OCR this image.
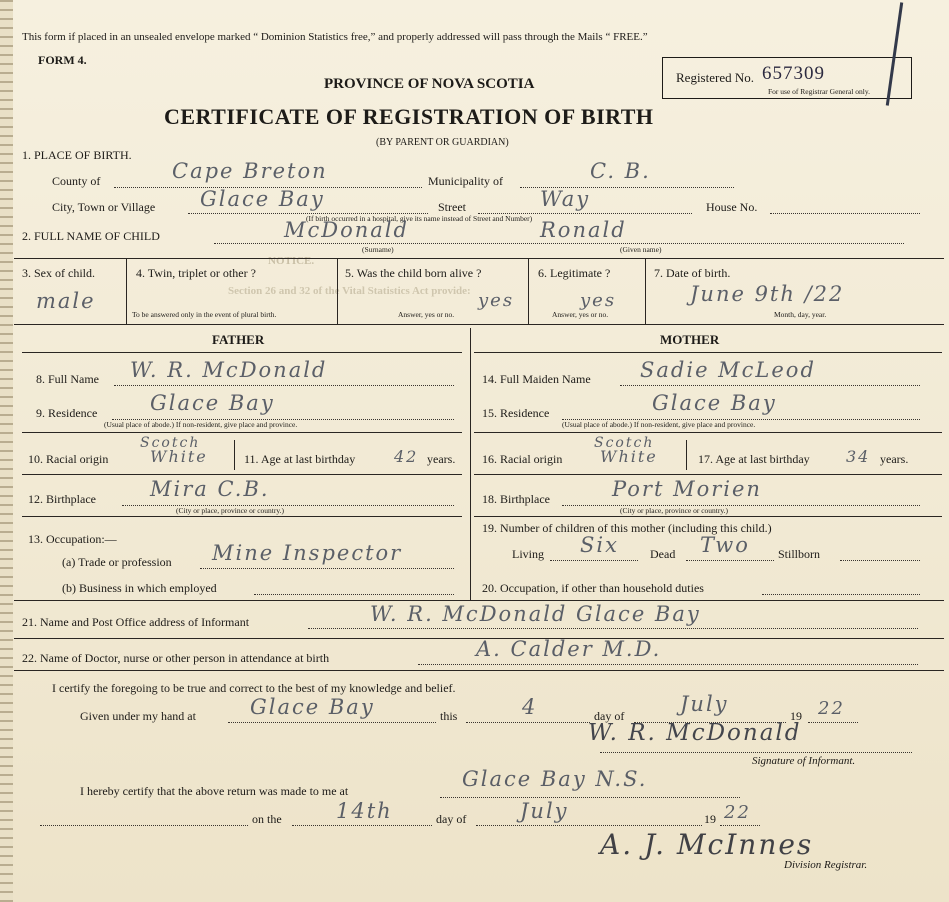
NOTICE.
Section 26 and 32 of the Vital Statistics Act provide:
This form if placed in an unsealed envelope marked “ Dominion Statistics free,” and properly addressed will pass through the Mails “ FREE.”
FORM 4.
PROVINCE OF NOVA SCOTIA
CERTIFICATE OF REGISTRATION OF BIRTH
(BY PARENT OR GUARDIAN)
Registered No. 657309
For use of Registrar General only.
1. PLACE OF BIRTH.
County of	Cape Breton	Municipality of	C. B.
City, Town or Village Glace Bay	Street	Way	House No.
(If birth occurred in a hospital, give its name instead of Street and Number)
2. FULL NAME OF CHILD	McDonald	Ronald
(Surname)	(Given name)
3. Sex of child.
male
4. Twin, triplet or other ?
To be answered only in the event of plural birth.
5. Was the child born alive ?
yes
Answer, yes or no.
6. Legitimate ?
yes
Answer, yes or no.
7. Date of birth.
June 9th /22
Month, day, year.
FATHER	MOTHER
8. Full Name W. R. McDonald	14. Full Maiden Name Sadie McLeod
9. Residence	Glace Bay
(Usual place of abode.) If non-resident, give place and province.
15. Residence	Glace Bay
(Usual place of abode.) If non-resident, give place and province.
10. Racial origin
Scotch
White	11. Age at last birthday 42 years. 16. Racial origin
Scotch
White	17. Age at last birthday 34 years.
12. Birthplace	Mira C.B.
(City or place, province or country.)
18. Birthplace	Port Morien
(City or place, province or country.)
13. Occupation:—
(a) Trade or profession Mine Inspector
19. Number of children of this mother (including this child.)
Living Six	Dead Two Stillborn
(b) Business in which employed	20. Occupation, if other than household duties
21. Name and Post Office address of Informant	W. R. McDonald Glace Bay
22. Name of Doctor, nurse or other person in attendance at birth	A. Calder M.D.
I certify the foregoing to be true and correct to the best of my knowledge and belief.
Given under my hand at	Glace Bay	this	4	day of	July	19 22
W. R. McDonald
Signature of Informant.
I hereby certify that the above return was made to me at	Glace Bay N.S.
on the	14th	day of	July	19 22
A. J. McInnes
Division Registrar.
